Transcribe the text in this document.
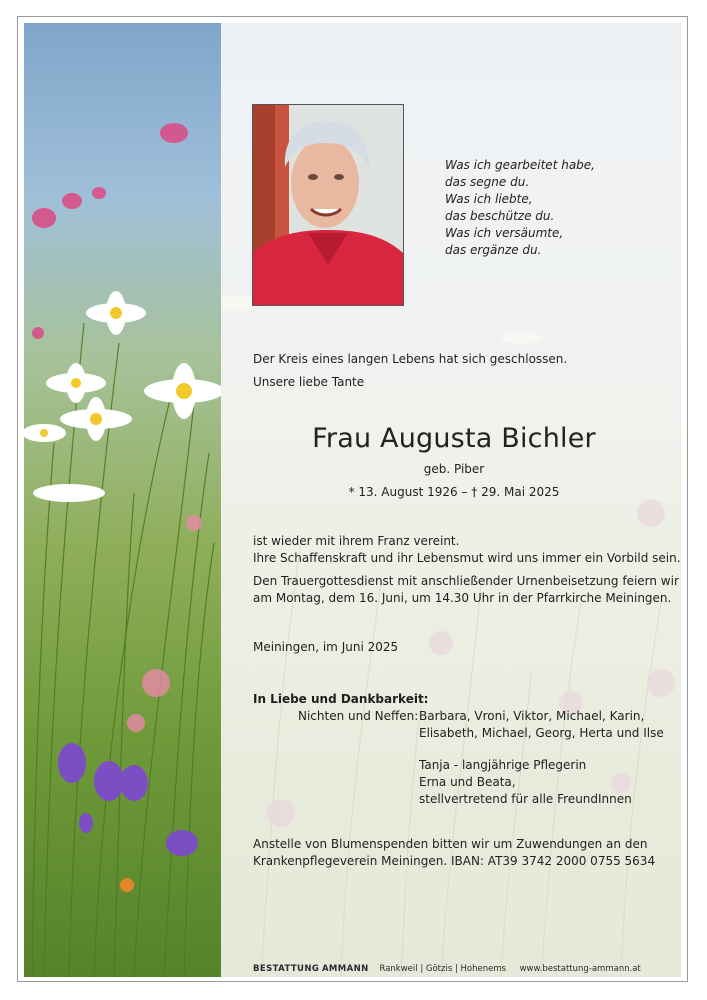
Was ich gearbeitet habe,
das segne du.
Was ich liebte,
das beschütze du.
Was ich versäumte,
das ergänze du.
Der Kreis eines langen Lebens hat sich geschlossen.
Unsere liebe Tante
Frau Augusta Bichler
geb. Piber
* 13. August 1926 – † 29. Mai 2025
ist wieder mit ihrem Franz vereint.
Ihre Schaffenskraft und ihr Lebensmut wird uns immer ein Vorbild sein.
Den Trauergottesdienst mit anschließender Urnenbeisetzung feiern wir
am Montag, dem 16. Juni, um 14.30 Uhr in der Pfarrkirche Meiningen.
Meiningen, im Juni 2025
In Liebe und Dankbarkeit:
Nichten und Neffen: Barbara, Vroni, Viktor, Michael, Karin,
Elisabeth, Michael, Georg, Herta und Ilse
Tanja - langjährige Pflegerin
Erna und Beata,
stellvertretend für alle FreundInnen
Anstelle von Blumenspenden bitten wir um Zuwendungen an den
Krankenpflegeverein Meiningen. IBAN: AT39 3742 2000 0755 5634
BESTATTUNG AMMANN Rankweil | Götzis | Hohenems www.bestattung-ammann.at
